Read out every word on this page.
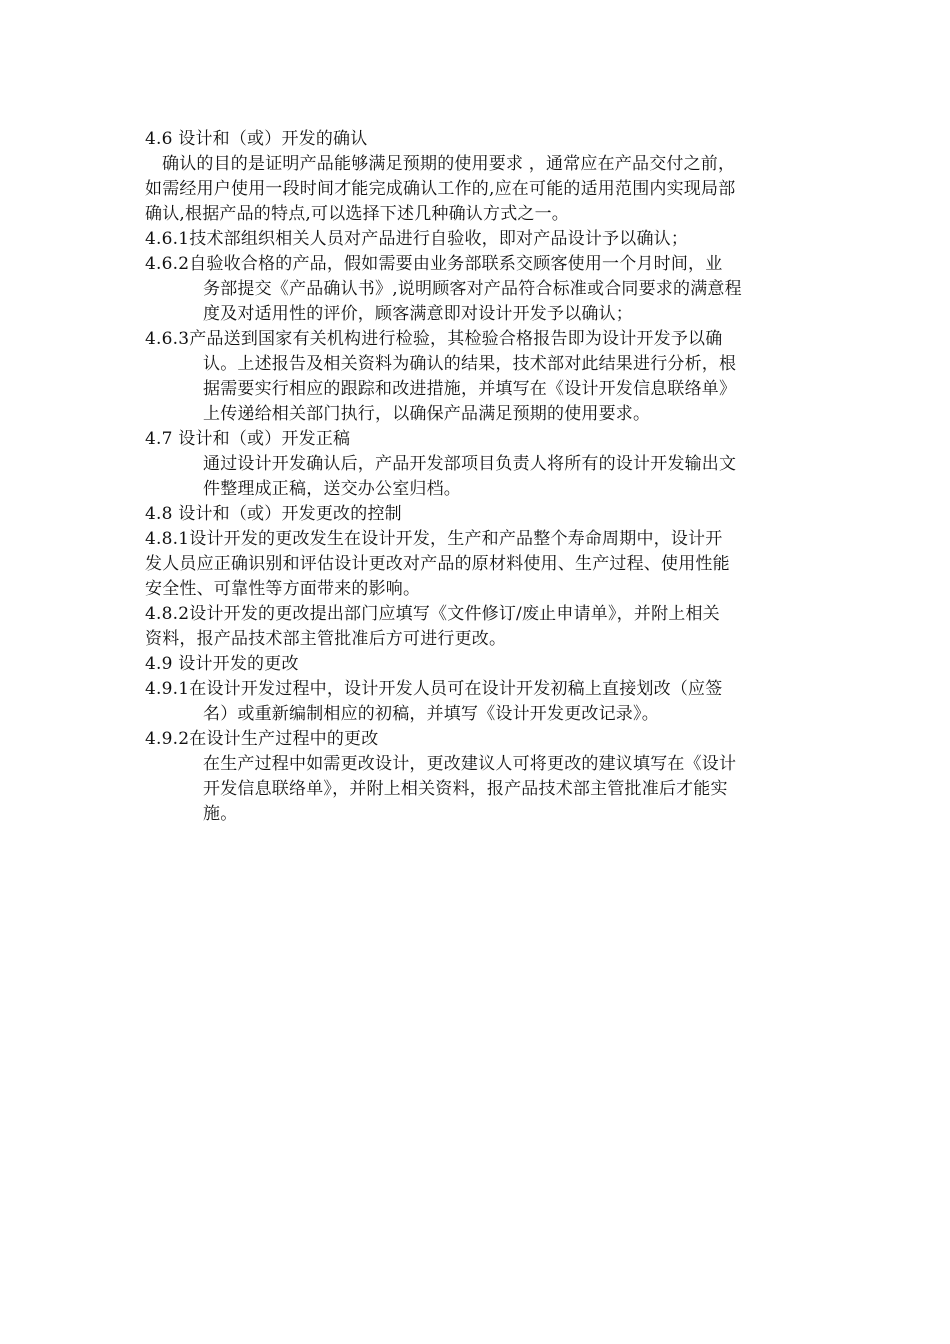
4.6 设计和（或）开发的确认
确认的目的是证明产品能够满足预期的使用要求 ，通常应在产品交付之前，
如需经用户使用一段时间才能完成确认工作的,应在可能的适用范围内实现局部
确认,根据产品的特点,可以选择下述几种确认方式之一。
4.6.1技术部组织相关人员对产品进行自验收，即对产品设计予以确认；
4.6.2自验收合格的产品，假如需要由业务部联系交顾客使用一个月时间，业
务部提交《产品确认书》,说明顾客对产品符合标准或合同要求的满意程
度及对适用性的评价，顾客满意即对设计开发予以确认；
4.6.3产品送到国家有关机构进行检验，其检验合格报告即为设计开发予以确
认。上述报告及相关资料为确认的结果，技术部对此结果进行分析，根
据需要实行相应的跟踪和改进措施，并填写在《设计开发信息联络单》
上传递给相关部门执行，以确保产品满足预期的使用要求。
4.7 设计和（或）开发正稿
通过设计开发确认后，产品开发部项目负责人将所有的设计开发输出文
件整理成正稿，送交办公室归档。
4.8 设计和（或）开发更改的控制
4.8.1设计开发的更改发生在设计开发，生产和产品整个寿命周期中，设计开
发人员应正确识别和评估设计更改对产品的原材料使用、生产过程、使用性能
安全性、可靠性等方面带来的影响。
4.8.2设计开发的更改提出部门应填写《文件修订/废止申请单》，并附上相关
资料，报产品技术部主管批准后方可进行更改。
4.9 设计开发的更改
4.9.1在设计开发过程中，设计开发人员可在设计开发初稿上直接划改（应签
名）或重新编制相应的初稿，并填写《设计开发更改记录》。
4.9.2在设计生产过程中的更改
在生产过程中如需更改设计，更改建议人可将更改的建议填写在《设计
开发信息联络单》，并附上相关资料，报产品技术部主管批准后才能实
施。
